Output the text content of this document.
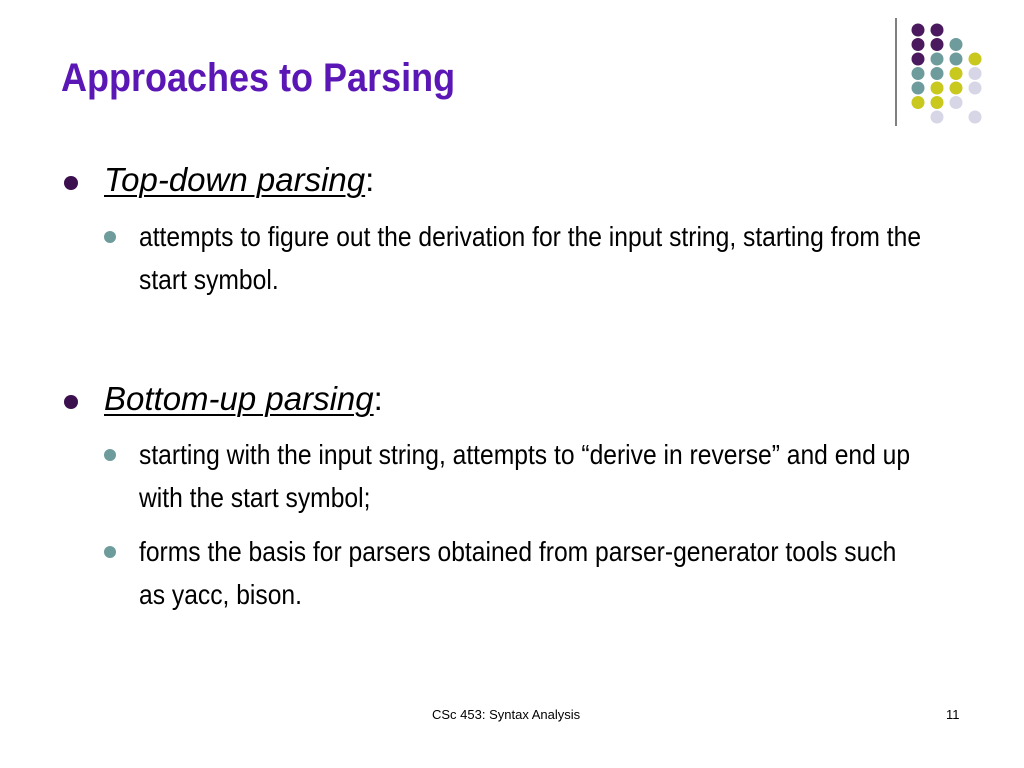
Approaches to Parsing

Top-down parsing:

attempts to figure out the derivation for the input string, starting from the start symbol.

Bottom-up parsing:

starting with the input string, attempts to “derive in reverse” and end up with the start symbol;

forms the basis for parsers obtained from parser-generator tools such as yacc, bison.

CSc 453: Syntax Analysis	11
